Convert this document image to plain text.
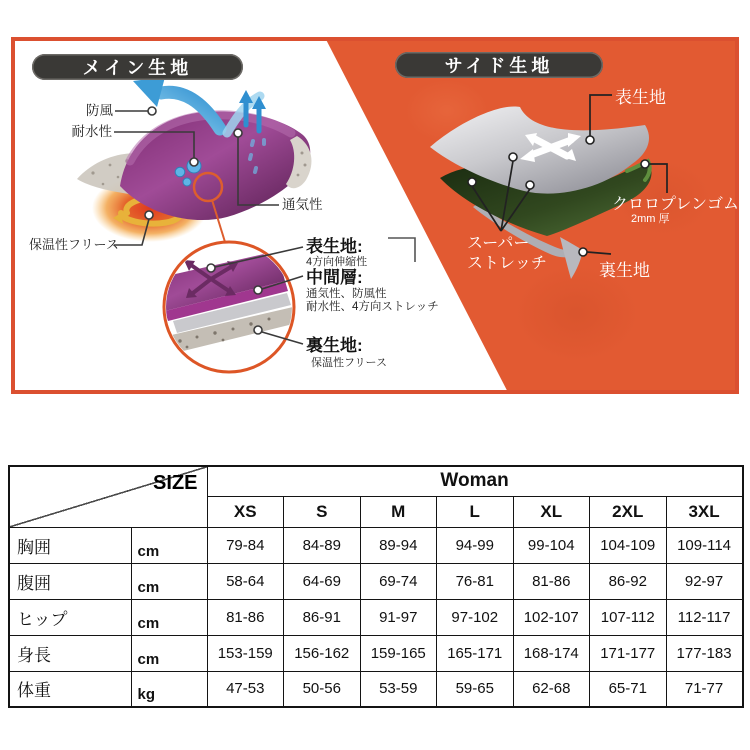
メイン生地	サイド生地
防風
耐水性
通気性
保温性フリース	表生地:
4方向伸縮性
中間層:
通気性、防風性
耐水性、4方向ストレッチ
裏生地:
保温性フリース
表生地
クロロプレンゴム
2mm 厚
スーパー
ストレッチ	裏生地
SIZE		Woman						
		XS	S	M	L	XL	2XL	3XL
胸囲	cm	79-84	84-89	89-94	94-99	99-104	104-109	109-114
腹囲	cm	58-64	64-69	69-74	76-81	81-86	86-92	92-97
ヒップ	cm	81-86	86-91	91-97	97-102	102-107	107-112	112-117
身長	cm	153-159	156-162	159-165	165-171	168-174	171-177	177-183
体重	kg	47-53	50-56	53-59	59-65	62-68	65-71	71-77
